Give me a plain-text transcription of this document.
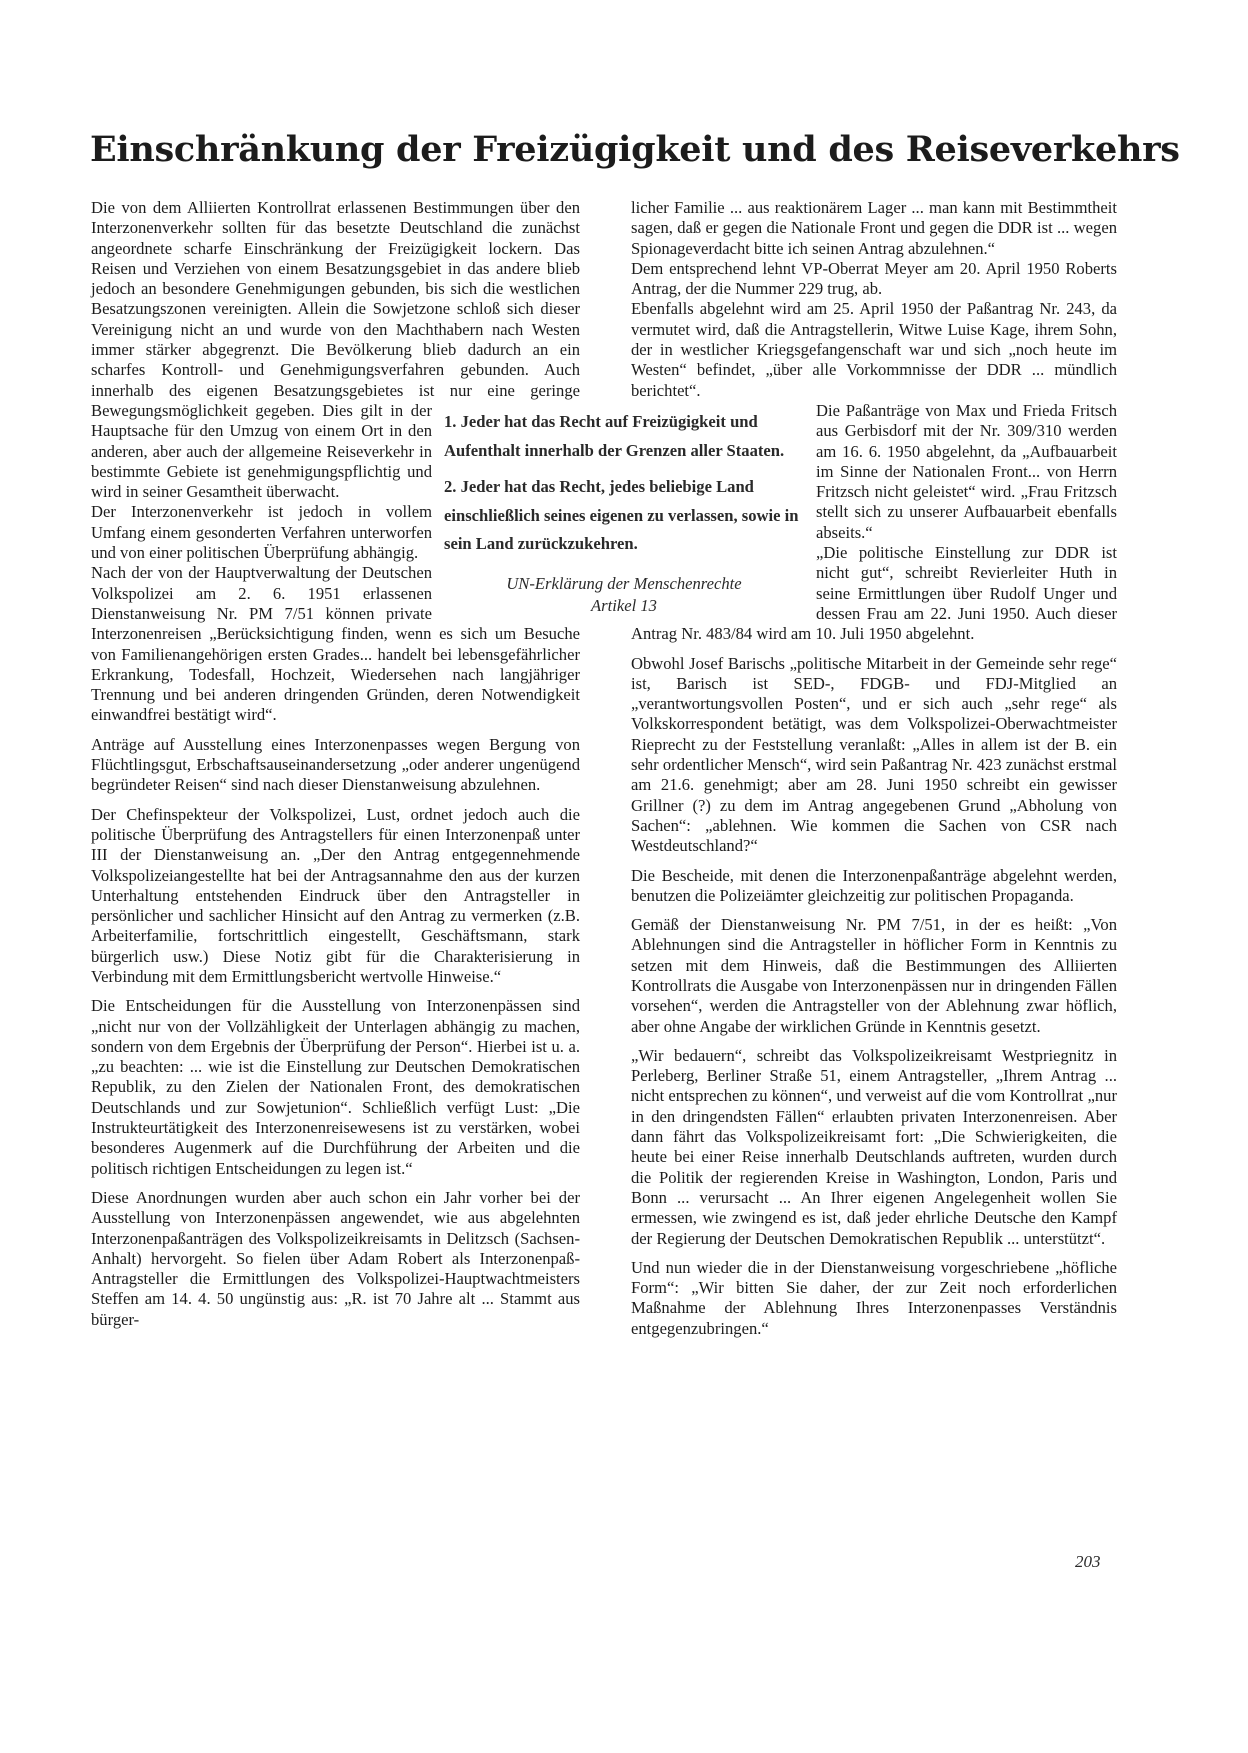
Einschränkung der Freizügigkeit und des Reiseverkehrs

Die von dem Alliierten Kontrollrat erlassenen Bestimmungen über den Interzonenverkehr sollten für das besetzte Deutschland die zunächst angeordnete scharfe Einschränkung der Freizügigkeit lockern. Das Reisen und Verziehen von einem Besatzungsgebiet in das andere blieb jedoch an besondere Genehmigungen gebunden, bis sich die westlichen Besatzungszonen vereinigten. Allein die Sowjetzone schloß sich dieser Vereinigung nicht an und wurde von den Machthabern nach Westen immer stärker abgegrenzt. Die Bevölkerung blieb dadurch an ein scharfes Kontroll- und Genehmigungsverfahren gebunden. Auch innerhalb des eigenen Besatzungsgebietes ist nur eine geringe Bewegungsmöglichkeit gegeben. Dies gilt in der Hauptsache für den Umzug von einem Ort in den anderen, aber auch der allgemeine Reiseverkehr in bestimmte Gebiete ist genehmigungspflichtig und wird in seiner Gesamtheit überwacht.

Der Interzonenverkehr ist jedoch in vollem Umfang einem gesonderten Verfahren unterworfen und von einer politischen Überprüfung abhängig.

Nach der von der Hauptverwaltung der Deutschen Volkspolizei am 2. 6. 1951 erlassenen Dienstanweisung Nr. PM 7/51 können private Interzonenreisen „Berücksichtigung finden, wenn es sich um Besuche von Familienangehörigen ersten Grades... handelt bei lebensgefährlicher Erkrankung, Todesfall, Hochzeit, Wiedersehen nach langjähriger Trennung und bei anderen dringenden Gründen, deren Notwendigkeit einwandfrei bestätigt wird“.

Anträge auf Ausstellung eines Interzonenpasses wegen Bergung von Flüchtlingsgut, Erbschaftsauseinandersetzung „oder anderer ungenügend begründeter Reisen“ sind nach dieser Dienstanweisung abzulehnen.

Der Chefinspekteur der Volkspolizei, Lust, ordnet jedoch auch die politische Überprüfung des Antragstellers für einen Interzonenpaß unter III der Dienstanweisung an. „Der den Antrag entgegennehmende Volkspolizeiangestellte hat bei der Antragsannahme den aus der kurzen Unterhaltung entstehenden Eindruck über den Antragsteller in persönlicher und sachlicher Hinsicht auf den Antrag zu vermerken (z.B. Arbeiterfamilie, fortschrittlich eingestellt, Geschäftsmann, stark bürgerlich usw.) Diese Notiz gibt für die Charakterisierung in Verbindung mit dem Ermittlungsbericht wertvolle Hinweise.“

Die Entscheidungen für die Ausstellung von Interzonenpässen sind „nicht nur von der Vollzähligkeit der Unterlagen abhängig zu machen, sondern von dem Ergebnis der Überprüfung der Person“. Hierbei ist u. a. „zu beachten: ... wie ist die Einstellung zur Deutschen Demokratischen Republik, zu den Zielen der Nationalen Front, des demokratischen Deutschlands und zur Sowjetunion“. Schließlich verfügt Lust: „Die Instrukteurtätigkeit des Interzonenreisewesens ist zu verstärken, wobei besonderes Augenmerk auf die Durchführung der Arbeiten und die politisch richtigen Entscheidungen zu legen ist.“

Diese Anordnungen wurden aber auch schon ein Jahr vorher bei der Ausstellung von Interzonenpässen angewendet, wie aus abgelehnten Interzonenpaßanträgen des Volkspolizeikreisamts in Delitzsch (Sachsen-Anhalt) hervorgeht. So fielen über Adam Robert als Interzonenpaß-Antragsteller die Ermittlungen des Volkspolizei-Hauptwachtmeisters Steffen am 14. 4. 50 ungünstig aus: „R. ist 70 Jahre alt ... Stammt aus bürger-

1. Jeder hat das Recht auf Freizügigkeit und Aufenthalt innerhalb der Grenzen aller Staaten.

2. Jeder hat das Recht, jedes beliebige Land einschließlich seines eigenen zu verlassen, sowie in sein Land zurückzukehren.

UN-Erklärung der Menschenrechte
Artikel 13

licher Familie ... aus reaktionärem Lager ... man kann mit Bestimmtheit sagen, daß er gegen die Nationale Front und gegen die DDR ist ... wegen Spionageverdacht bitte ich seinen Antrag abzulehnen.“

Dem entsprechend lehnt VP-Oberrat Meyer am 20. April 1950 Roberts Antrag, der die Nummer 229 trug, ab.

Ebenfalls abgelehnt wird am 25. April 1950 der Paßantrag Nr. 243, da vermutet wird, daß die Antragstellerin, Witwe Luise Kage, ihrem Sohn, der in westlicher Kriegsgefangenschaft war und sich „noch heute im Westen“ befindet, „über alle Vorkommnisse der DDR ... mündlich berichtet“.

Die Paßanträge von Max und Frieda Fritsch aus Gerbisdorf mit der Nr. 309/310 werden am 16. 6. 1950 abgelehnt, da „Aufbauarbeit im Sinne der Nationalen Front... von Herrn Fritzsch nicht geleistet“ wird. „Frau Fritzsch stellt sich zu unserer Aufbauarbeit ebenfalls abseits.“

„Die politische Einstellung zur DDR ist nicht gut“, schreibt Revierleiter Huth in seine Ermittlungen über Rudolf Unger und dessen Frau am 22. Juni 1950. Auch dieser Antrag Nr. 483/84 wird am 10. Juli 1950 abgelehnt.

Obwohl Josef Barischs „politische Mitarbeit in der Gemeinde sehr rege“ ist, Barisch ist SED-, FDGB- und FDJ-Mitglied an „verantwortungsvollen Posten“, und er sich auch „sehr rege“ als Volkskorrespondent betätigt, was dem Volkspolizei-Oberwachtmeister Rieprecht zu der Feststellung veranlaßt: „Alles in allem ist der B. ein sehr ordentlicher Mensch“, wird sein Paßantrag Nr. 423 zunächst erstmal am 21.6. genehmigt; aber am 28. Juni 1950 schreibt ein gewisser Grillner (?) zu dem im Antrag angegebenen Grund „Abholung von Sachen“: „ablehnen. Wie kommen die Sachen von CSR nach Westdeutschland?“

Die Bescheide, mit denen die Interzonenpaßanträge abgelehnt werden, benutzen die Polizeiämter gleichzeitig zur politischen Propaganda.

Gemäß der Dienstanweisung Nr. PM 7/51, in der es heißt: „Von Ablehnungen sind die Antragsteller in höflicher Form in Kenntnis zu setzen mit dem Hinweis, daß die Bestimmungen des Alliierten Kontrollrats die Ausgabe von Interzonenpässen nur in dringenden Fällen vorsehen“, werden die Antragsteller von der Ablehnung zwar höflich, aber ohne Angabe der wirklichen Gründe in Kenntnis gesetzt.

„Wir bedauern“, schreibt das Volkspolizeikreisamt Westpriegnitz in Perleberg, Berliner Straße 51, einem Antragsteller, „Ihrem Antrag ... nicht entsprechen zu können“, und verweist auf die vom Kontrollrat „nur in den dringendsten Fällen“ erlaubten privaten Interzonenreisen. Aber dann fährt das Volkspolizeikreisamt fort: „Die Schwierigkeiten, die heute bei einer Reise innerhalb Deutschlands auftreten, wurden durch die Politik der regierenden Kreise in Washington, London, Paris und Bonn ... verursacht ... An Ihrer eigenen Angelegenheit wollen Sie ermessen, wie zwingend es ist, daß jeder ehrliche Deutsche den Kampf der Regierung der Deutschen Demokratischen Republik ... unterstützt“.

Und nun wieder die in der Dienstanweisung vorgeschriebene „höfliche Form“: „Wir bitten Sie daher, der zur Zeit noch erforderlichen Maßnahme der Ablehnung Ihres Interzonenpasses Verständnis entgegenzubringen.“

203
